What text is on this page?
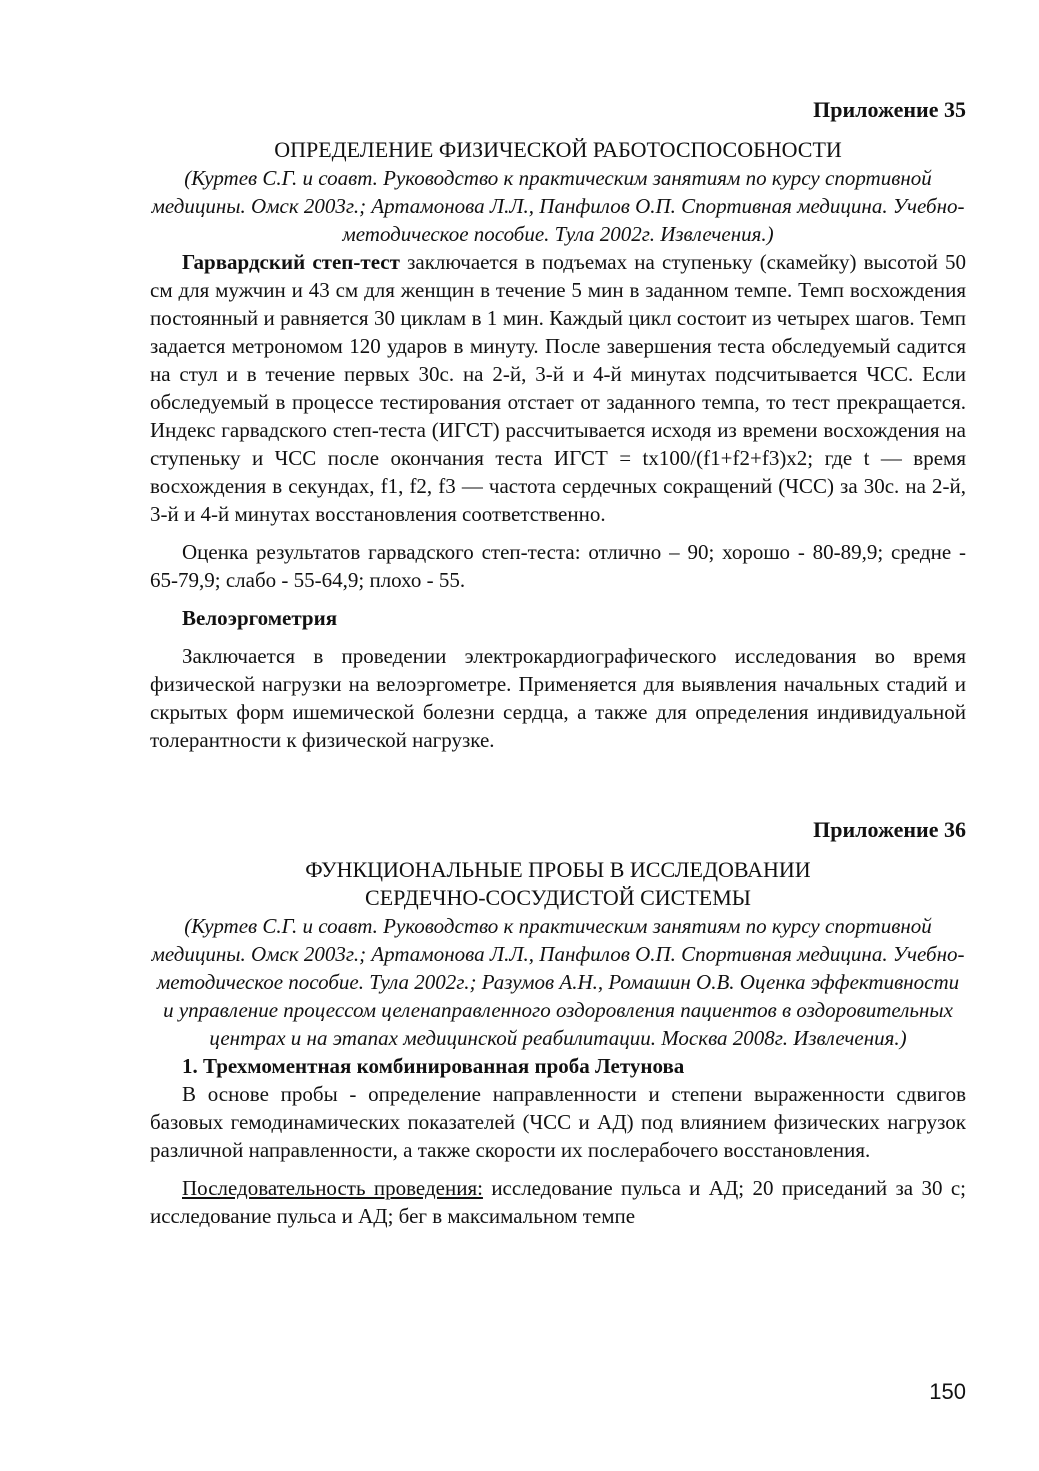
Приложение 35

ОПРЕДЕЛЕНИЕ ФИЗИЧЕСКОЙ РАБОТОСПОСОБНОСТИ

(Куртев С.Г. и соавт. Руководство к практическим занятиям по курсу спортивной медицины. Омск 2003г.; Артамонова Л.Л., Панфилов О.П. Спортивная медицина. Учебно-методическое пособие. Тула 2002г. Извлечения.)

Гарвардский степ-тест заключается в подъемах на ступеньку (скамейку) высотой 50 см для мужчин и 43 см для женщин в течение 5 мин в заданном темпе. Темп восхождения постоянный и равняется 30 циклам в 1 мин. Каждый цикл состоит из четырех шагов. Темп задается метрономом 120 ударов в минуту. После завершения теста обследуемый садится на стул и в течение первых 30с. на 2-й, 3-й и 4-й минутах подсчитывается ЧСС. Если обследуемый в процессе тестирования отстает от заданного темпа, то тест прекращается. Индекс гарвадского степ-теста (ИГСТ) рассчитывается исходя из времени восхождения на ступеньку и ЧСС после окончания теста ИГСТ = tх100/(f1+f2+f3)х2; где t — время восхождения в секундах, f1, f2, f3 — частота сердечных сокращений (ЧСС) за 30с. на 2-й, 3-й и 4-й минутах восстановления соответственно.

Оценка результатов гарвадского степ-теста: отлично – 90; хорошо - 80-89,9; средне - 65-79,9; слабо - 55-64,9; плохо - 55.

Велоэргометрия

Заключается в проведении электрокардиографического исследования во время физической нагрузки на велоэргометре. Применяется для выявления начальных стадий и скрытых форм ишемической болезни сердца, а также для определения индивидуальной толерантности к физической нагрузке.

Приложение 36

ФУНКЦИОНАЛЬНЫЕ ПРОБЫ В ИССЛЕДОВАНИИ
СЕРДЕЧНО-СОСУДИСТОЙ СИСТЕМЫ

(Куртев С.Г. и соавт. Руководство к практическим занятиям по курсу спортивной медицины. Омск 2003г.; Артамонова Л.Л., Панфилов О.П. Спортивная медицина. Учебно-методическое пособие. Тула 2002г.; Разумов А.Н., Ромашин О.В. Оценка эффективности и управление процессом целенаправленного оздоровления пациентов в оздоровительных центрах и на этапах медицинской реабилитации. Москва 2008г. Извлечения.)

1. Трехмоментная комбинированная проба Летунова

В основе пробы - определение направленности и степени выраженности сдвигов базовых гемодинамических показателей (ЧСС и АД) под влиянием физических нагрузок различной направленности, а также скорости их послерабочего восстановления.

Последовательность проведения: исследование пульса и АД; 20 приседаний за 30 с; исследование пульса и АД; бег в максимальном темпе

150
